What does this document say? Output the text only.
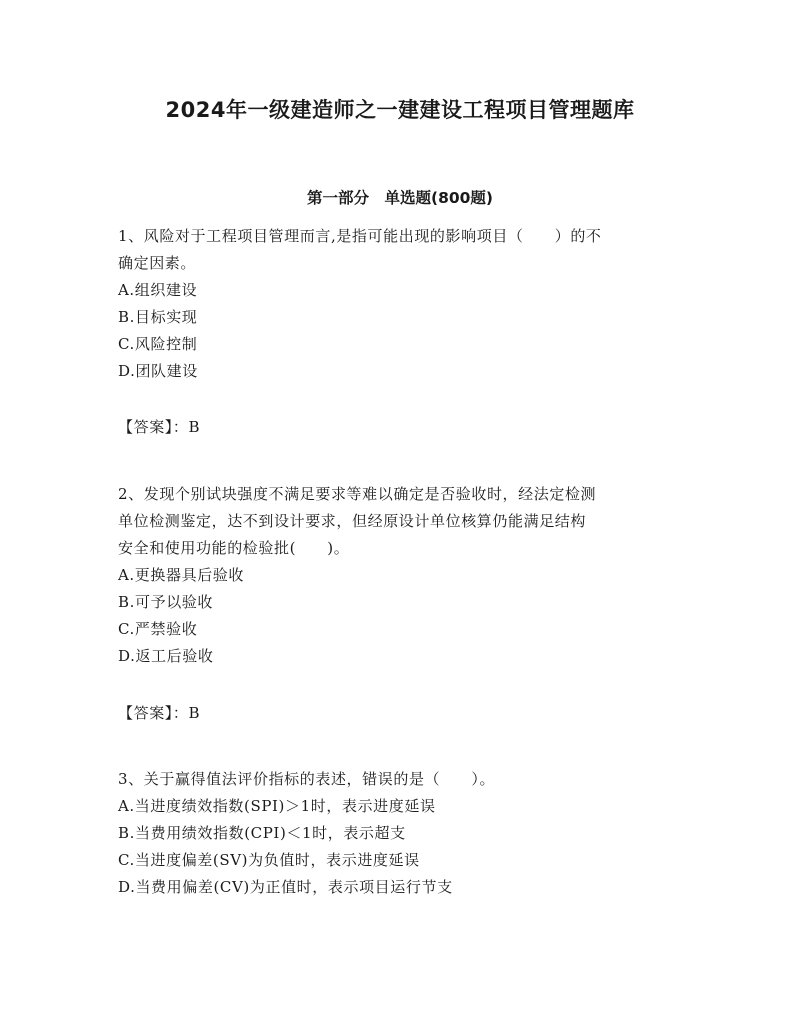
2024年一级建造师之一建建设工程项目管理题库
第一部分　单选题(800题)
1、风险对于工程项目管理而言,是指可能出现的影响项目（　　）的不
确定因素。
A.组织建设
B.目标实现
C.风险控制
D.团队建设
【答案】：B
2、发现个别试块强度不满足要求等难以确定是否验收时，经法定检测
单位检测鉴定，达不到设计要求，但经原设计单位核算仍能满足结构
安全和使用功能的检验批(　　)。
A.更换器具后验收
B.可予以验收
C.严禁验收
D.返工后验收
【答案】：B
3、关于赢得值法评价指标的表述，错误的是（　　）。
A.当进度绩效指数(SPI)＞1时，表示进度延误
B.当费用绩效指数(CPI)＜1时，表示超支
C.当进度偏差(SV)为负值时，表示进度延误
D.当费用偏差(CV)为正值时，表示项目运行节支
